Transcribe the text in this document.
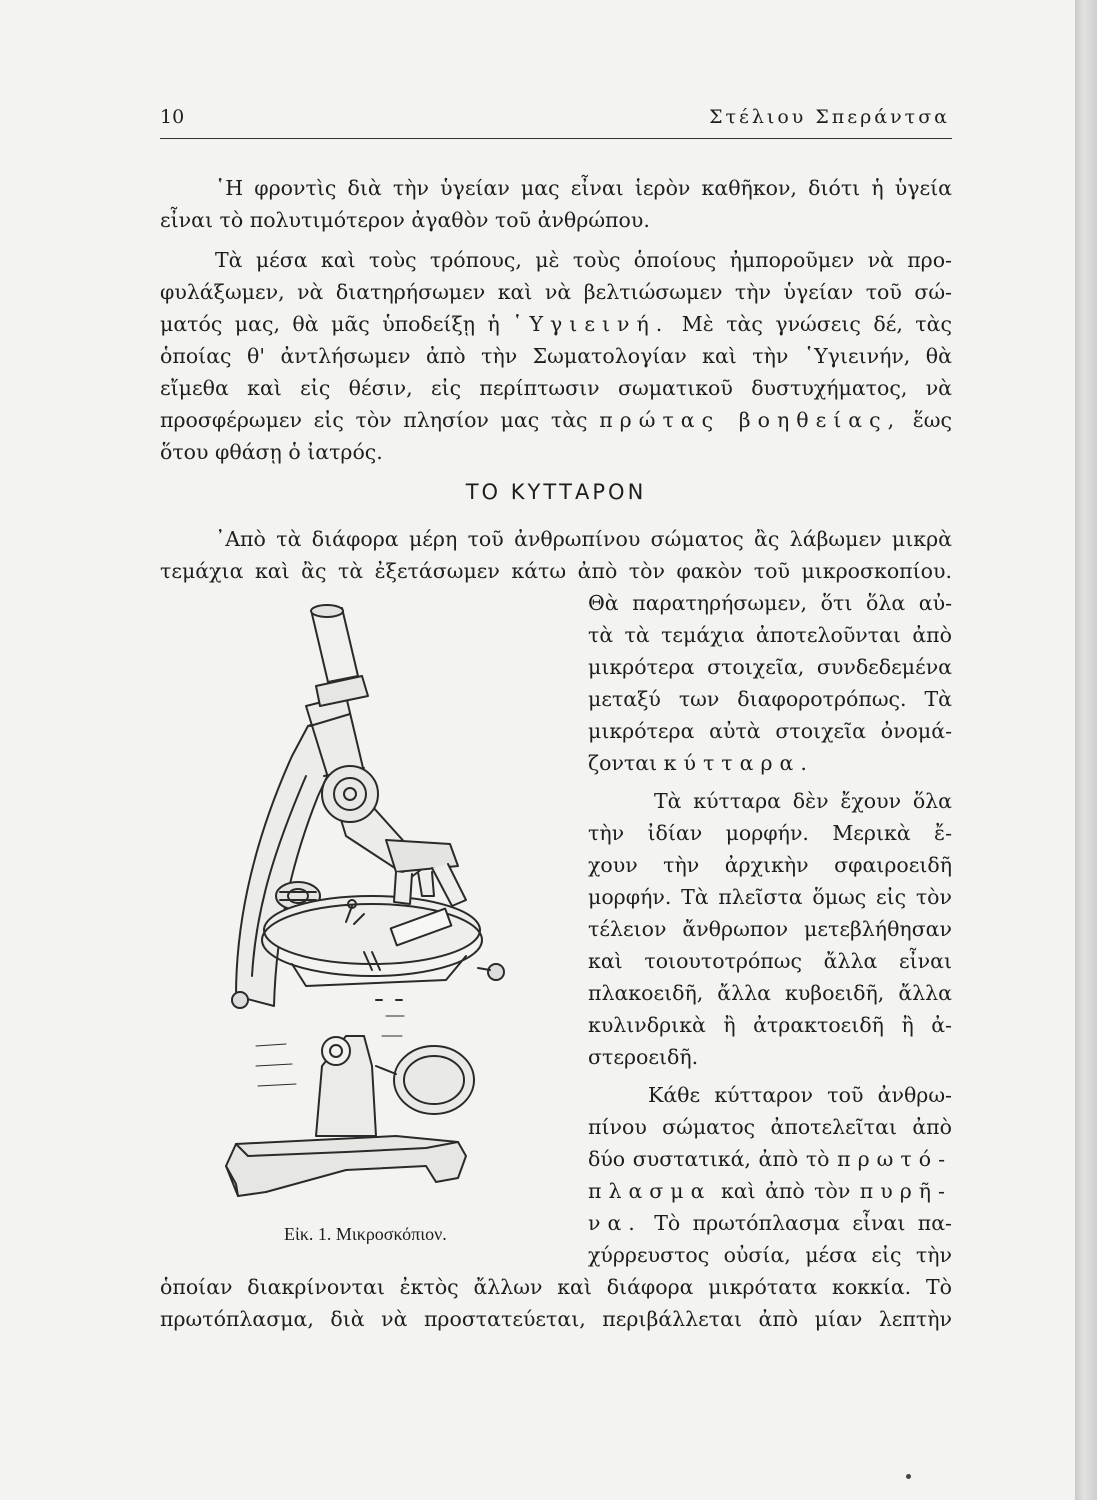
10	Στέλιου Σπεράντσα
῾Η φροντὶς διὰ τὴν ὑγείαν μας εἶναι ἱερὸν καθῆκον, διότι ἡ ὑγεία
εἶναι τὸ πολυτιμότερον ἀγαθὸν τοῦ ἀνθρώπου.
Τὰ μέσα καὶ τοὺς τρόπους, μὲ τοὺς ὁποίους ἠμποροῦμεν νὰ προ-
φυλάξωμεν, νὰ διατηρήσωμεν καὶ νὰ βελτιώσωμεν τὴν ὑγείαν τοῦ σώ-
ματός μας, θὰ μᾶς ὑποδείξῃ ἡ ῾Υγιεινή. Μὲ τὰς γνώσεις δέ, τὰς
ὁποίας θ' ἀντλήσωμεν ἀπὸ τὴν Σωματολογίαν καὶ τὴν ῾Υγιεινήν, θὰ
εἴμεθα καὶ εἰς θέσιν, εἰς περίπτωσιν σωματικοῦ δυστυχήματος, νὰ
προσφέρωμεν εἰς τὸν πλησίον μας τὰς πρώτας βοηθείας, ἕως
ὅτου φθάσῃ ὁ ἰατρός.
᾿Απὸ τὰ διάφορα μέρη τοῦ ἀνθρωπίνου σώματος ἂς λάβωμεν μικρὰ
τεμάχια καὶ ἂς τὰ ἐξετάσωμεν κάτω ἀπὸ τὸν φακὸν τοῦ μικροσκοπίου.
Θὰ παρατηρήσωμεν, ὅτι ὅλα αὐ-
τὰ τὰ τεμάχια ἀποτελοῦνται ἀπὸ
μικρότερα στοιχεῖα, συνδεδεμένα
μεταξύ των διαφοροτρόπως. Τὰ
μικρότερα αὐτὰ στοιχεῖα ὀνομά-
ζονται κύτταρα.
Τὰ κύτταρα δὲν ἔχουν ὅλα
τὴν ἰδίαν μορφήν. Μερικὰ ἔ-
χουν τὴν ἀρχικὴν σφαιροειδῆ
μορφήν. Τὰ πλεῖστα ὅμως εἰς τὸν
τέλειον ἄνθρωπον μετεβλήθησαν
καὶ τοιουτοτρόπως ἄλλα εἶναι
πλακοειδῆ, ἄλλα κυβοειδῆ, ἄλλα
κυλινδρικὰ ἢ ἀτρακτοειδῆ ἢ ἀ-
στεροειδῆ.
Κάθε κύτταρον τοῦ ἀνθρω-
πίνου σώματος ἀποτελεῖται ἀπὸ
δύο συστατικά, ἀπὸ τὸ πρωτό-
πλασμα καὶ ἀπὸ τὸν πυρῆ-
να. Τὸ πρωτόπλασμα εἶναι πα-
χύρρευστος οὐσία, μέσα εἰς τὴν
ὁποίαν διακρίνονται ἐκτὸς ἄλλων καὶ διάφορα μικρότατα κοκκία. Τὸ
πρωτόπλασμα, διὰ νὰ προστατεύεται, περιβάλλεται ἀπὸ μίαν λεπτὴν
ΤΟ ΚΥΤΤΑΡΟΝ
Εἰκ. 1. Μικροσκόπιον.
